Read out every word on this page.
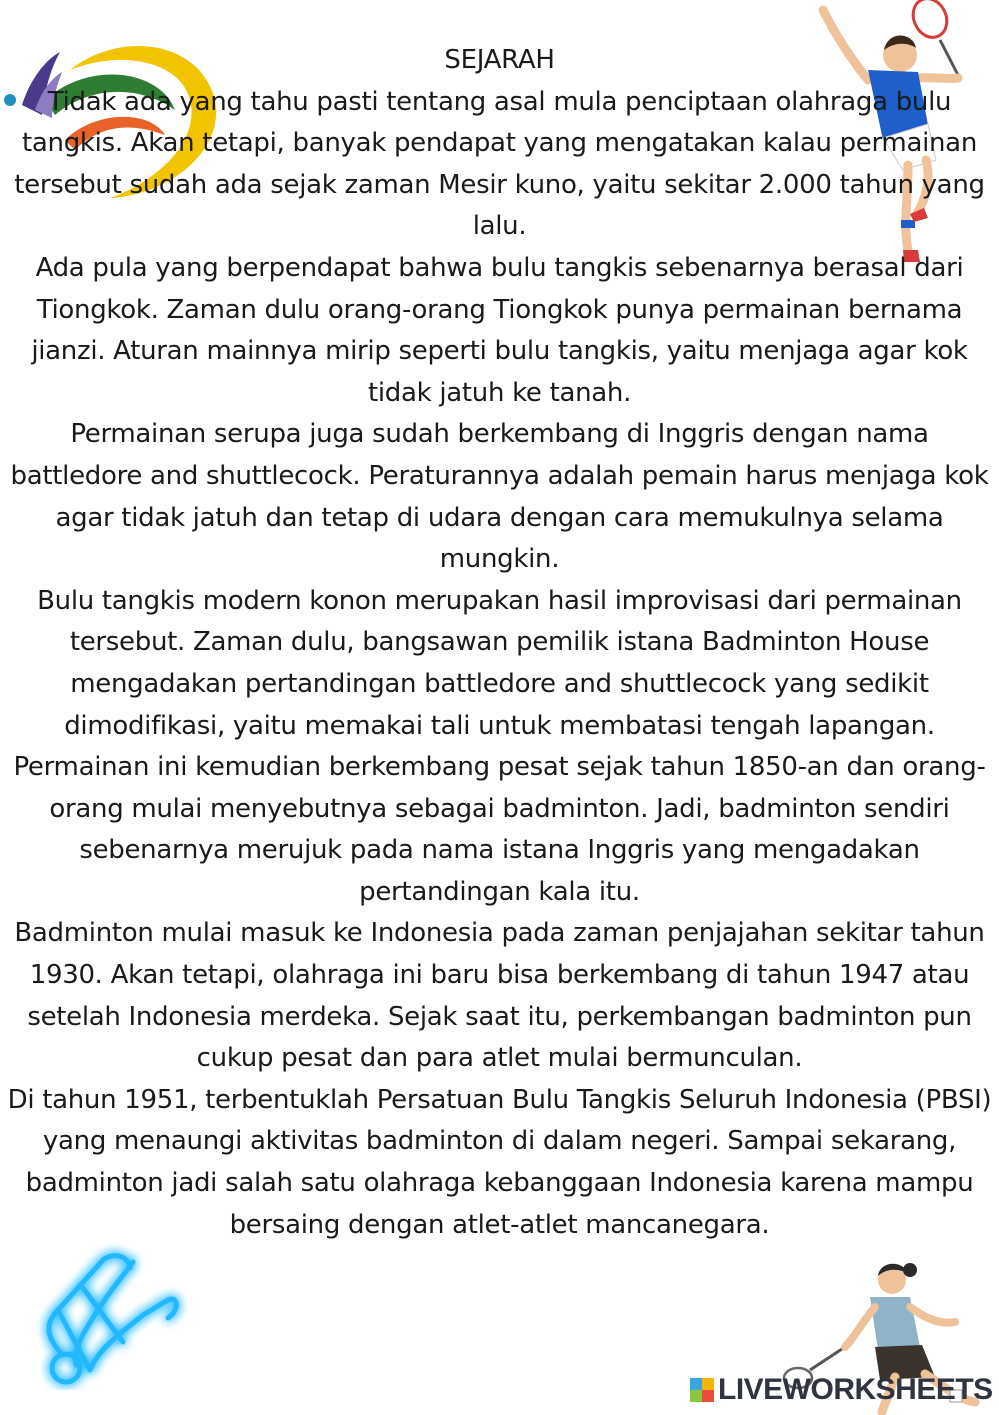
SEJARAH

Tidak ada yang tahu pasti tentang asal mula penciptaan olahraga bulu tangkis. Akan tetapi, banyak pendapat yang mengatakan kalau permainan tersebut sudah ada sejak zaman Mesir kuno, yaitu sekitar 2.000 tahun yang lalu.

Ada pula yang berpendapat bahwa bulu tangkis sebenarnya berasal dari Tiongkok. Zaman dulu orang-orang Tiongkok punya permainan bernama jianzi. Aturan mainnya mirip seperti bulu tangkis, yaitu menjaga agar kok tidak jatuh ke tanah.

Permainan serupa juga sudah berkembang di Inggris dengan nama battledore and shuttlecock. Peraturannya adalah pemain harus menjaga kok agar tidak jatuh dan tetap di udara dengan cara memukulnya selama mungkin.

Bulu tangkis modern konon merupakan hasil improvisasi dari permainan tersebut. Zaman dulu, bangsawan pemilik istana Badminton House mengadakan pertandingan battledore and shuttlecock yang sedikit dimodifikasi, yaitu memakai tali untuk membatasi tengah lapangan.

Permainan ini kemudian berkembang pesat sejak tahun 1850-an dan orang-orang mulai menyebutnya sebagai badminton. Jadi, badminton sendiri sebenarnya merujuk pada nama istana Inggris yang mengadakan pertandingan kala itu.

Badminton mulai masuk ke Indonesia pada zaman penjajahan sekitar tahun 1930. Akan tetapi, olahraga ini baru bisa berkembang di tahun 1947 atau setelah Indonesia merdeka. Sejak saat itu, perkembangan badminton pun cukup pesat dan para atlet mulai bermunculan.

Di tahun 1951, terbentuklah Persatuan Bulu Tangkis Seluruh Indonesia (PBSI) yang menaungi aktivitas badminton di dalam negeri. Sampai sekarang, badminton jadi salah satu olahraga kebanggaan Indonesia karena mampu bersaing dengan atlet-atlet mancanegara.

LIVEWORKSHEETS
